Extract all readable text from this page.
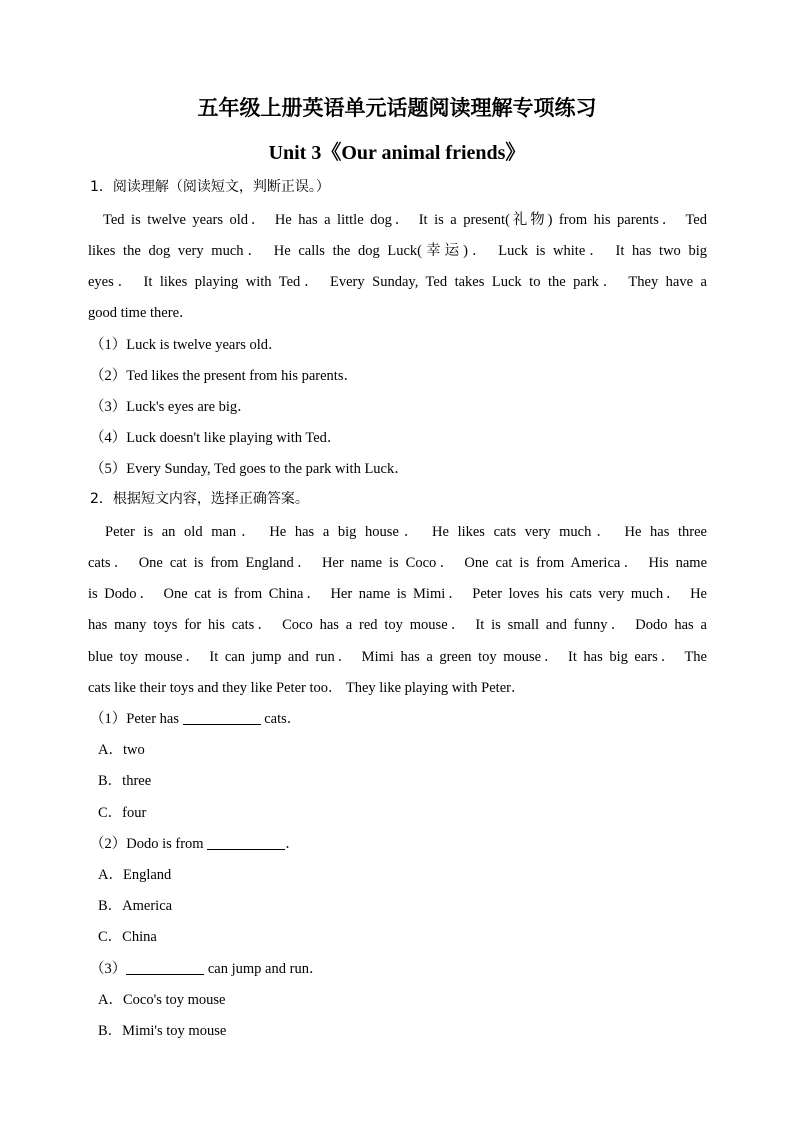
五年级上册英语单元话题阅读理解专项练习
Unit 3《Our animal friends》
1．阅读理解（阅读短文，判断正误。）
Ted is twelve years old． He has a little dog． It is a present(礼物) from his parents． Ted
likes the dog very much． He calls the dog Luck(幸运)． Luck is white． It has two big
eyes． It likes playing with Ted． Every Sunday, Ted takes Luck to the park． They have a
good time there．
（1）Luck is twelve years old．
（2）Ted likes the present from his parents．
（3）Luck's eyes are big．
（4）Luck doesn't like playing with Ted．
（5）Every Sunday, Ted goes to the park with Luck．
2．根据短文内容，选择正确答案。
Peter is an old man． He has a big house． He likes cats very much． He has three
cats． One cat is from England． Her name is Coco． One cat is from America． His name
is Dodo． One cat is from China． Her name is Mimi． Peter loves his cats very much． He
has many toys for his cats． Coco has a red toy mouse． It is small and funny． Dodo has a
blue toy mouse． It can jump and run． Mimi has a green toy mouse． It has big ears． The
cats like their toys and they like Peter too． They like playing with Peter．
（1）Peter has	cats．
A．two
B．three
C．four
（2）Dodo is from	．
A．England
B．America
C．China
（3）	can jump and run．
A．Coco's toy mouse
B．Mimi's toy mouse
